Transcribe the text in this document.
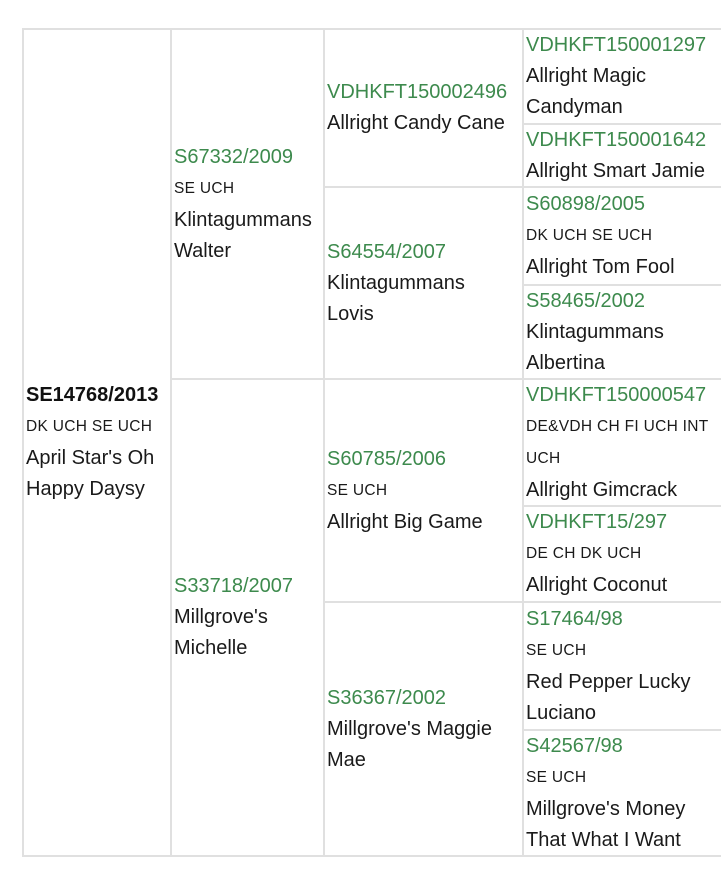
SE14768/2013
DK UCH SE UCH
April Star's Oh Happy Daysy
S67332/2009
SE UCH
Klintagummans Walter
S33718/2007
Millgrove's Michelle
VDHKFT150002496
Allright Candy Cane
S64554/2007
Klintagummans Lovis
S60785/2006
SE UCH
Allright Big Game
S36367/2002
Millgrove's Maggie Mae
VDHKFT150001297
Allright Magic Candyman
VDHKFT150001642
Allright Smart Jamie
S60898/2005
DK UCH SE UCH
Allright Tom Fool
S58465/2002
Klintagummans Albertina
VDHKFT150000547
DE&VDH CH FI UCH INT UCH
Allright Gimcrack
VDHKFT15/297
DE CH DK UCH
Allright Coconut
S17464/98
SE UCH
Red Pepper Lucky Luciano
S42567/98
SE UCH
Millgrove's Money That What I Want
